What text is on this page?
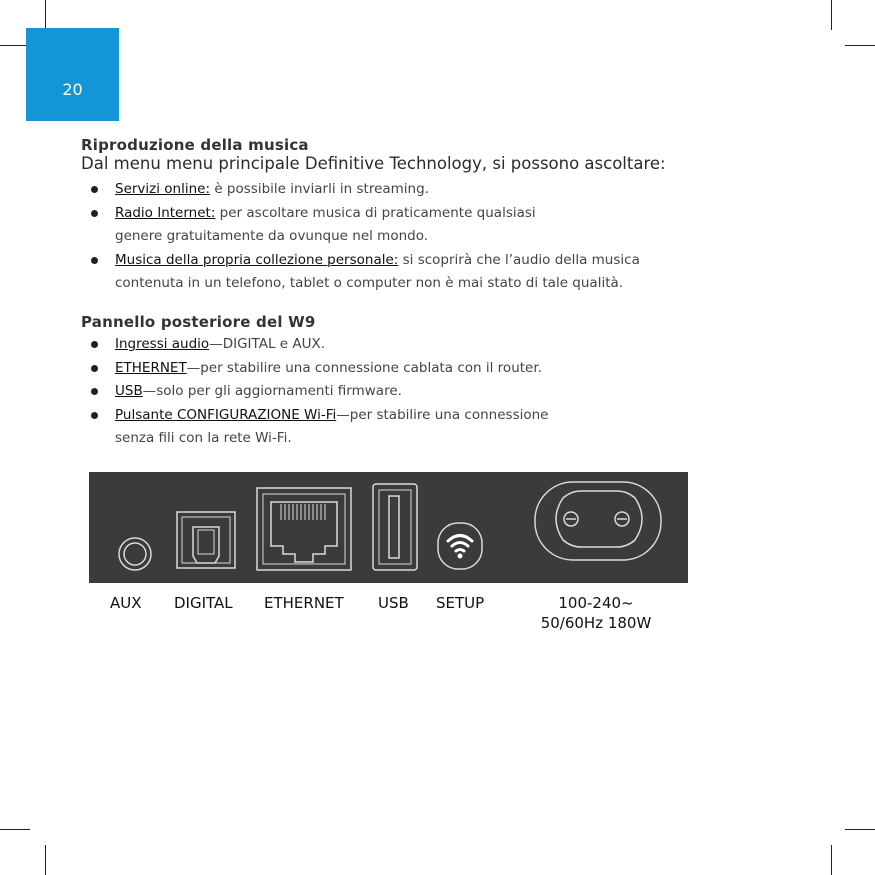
20
Riproduzione della musica
Dal menu menu principale Definitive Technology, si possono ascoltare:
Servizi online: è possibile inviarli in streaming.
Radio Internet: per ascoltare musica di praticamente qualsiasi
genere gratuitamente da ovunque nel mondo.
Musica della propria collezione personale: si scoprirà che l’audio della musica
contenuta in un telefono, tablet o computer non è mai stato di tale qualità.
Pannello posteriore del W9
Ingressi audio—DIGITAL e AUX.
ETHERNET—per stabilire una connessione cablata con il router.
USB—solo per gli aggiornamenti firmware.
Pulsante CONFIGURAZIONE Wi-Fi—per stabilire una connessione
senza fili con la rete Wi-Fi.
AUX DIGITAL ETHERNET USB SETUP	100-240~
50/60Hz 180W
